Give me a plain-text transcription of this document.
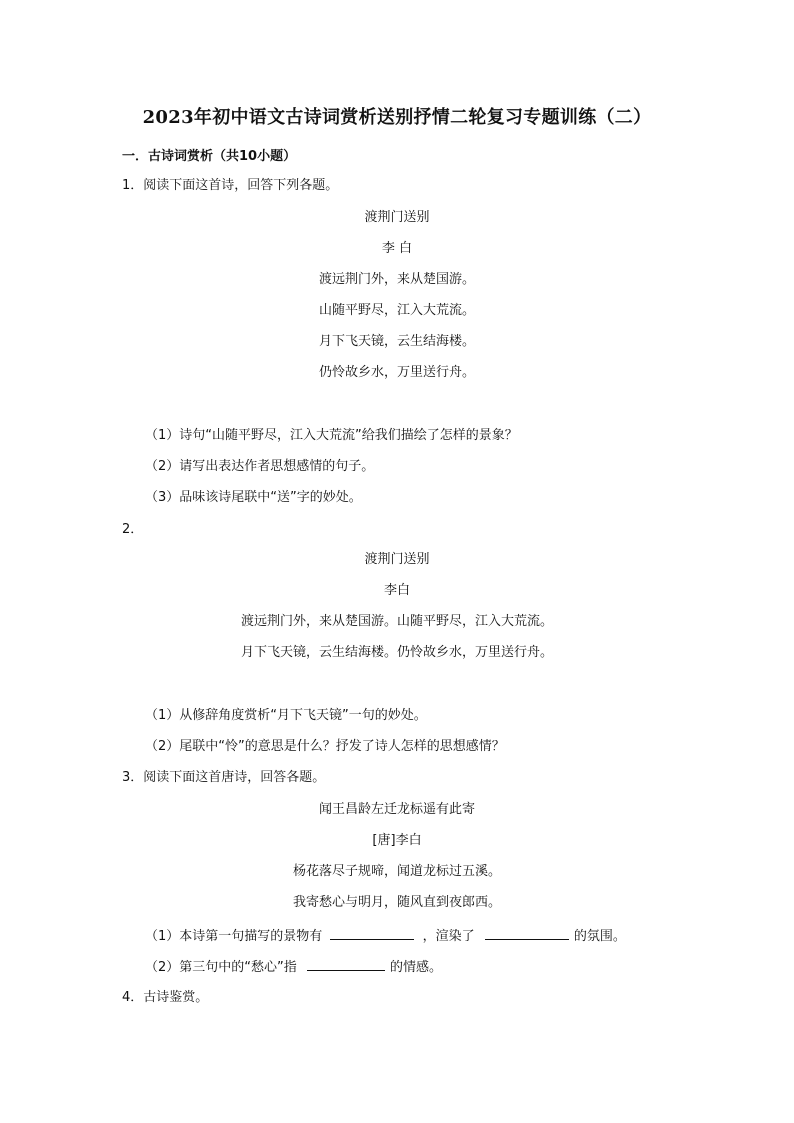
2023年初中语文古诗词赏析送别抒情二轮复习专题训练（二）
一．古诗词赏析（共10小题）
1．阅读下面这首诗，回答下列各题。
渡荆门送别
李 白
渡远荆门外，来从楚国游。
山随平野尽，江入大荒流。
月下飞天镜，云生结海楼。
仍怜故乡水，万里送行舟。
（1）诗句“山随平野尽，江入大荒流”给我们描绘了怎样的景象？
（2）请写出表达作者思想感情的句子。
（3）品味该诗尾联中“送”字的妙处。
2．
渡荆门送别
李白
渡远荆门外，来从楚国游。山随平野尽，江入大荒流。
月下飞天镜，云生结海楼。仍怜故乡水，万里送行舟。
（1）从修辞角度赏析“月下飞天镜”一句的妙处。
（2）尾联中“怜”的意思是什么？抒发了诗人怎样的思想感情？
3．阅读下面这首唐诗，回答各题。
闻王昌龄左迁龙标遥有此寄
[唐]李白
杨花落尽子规啼，闻道龙标过五溪。
我寄愁心与明月，随风直到夜郎西。
（1）本诗第一句描写的景物有	，渲染了	的氛围。
（2）第三句中的“愁心”指	的情感。
4．古诗鉴赏。
